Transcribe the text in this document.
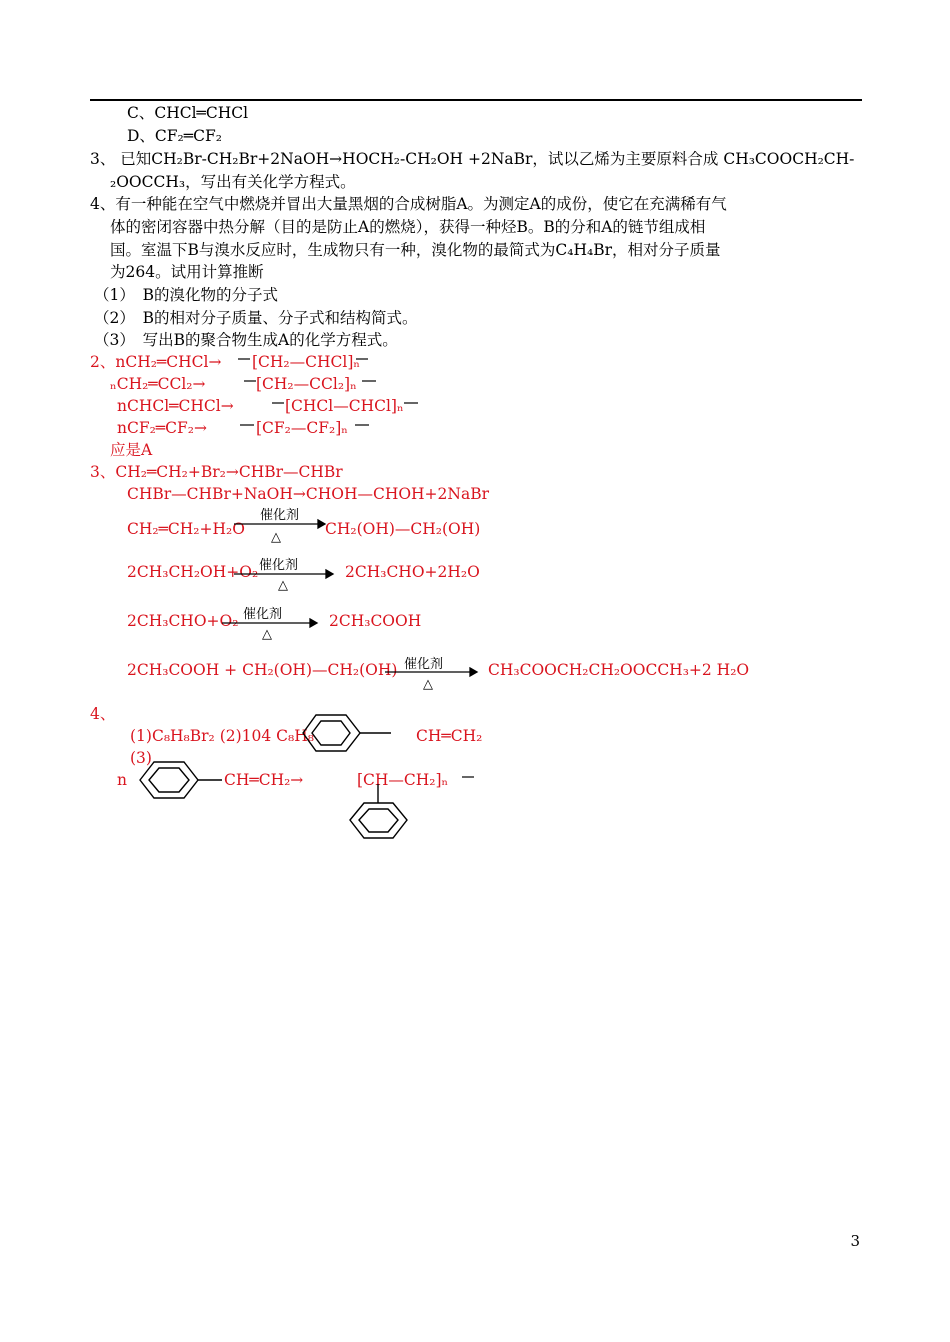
C、CHCl═CHCl
D、CF₂═CF₂
3、 已知CH₂Br-CH₂Br+2NaOH→HOCH₂-CH₂OH +2NaBr，试以乙烯为主要原料合成 CH₃COOCH₂CH-
₂OOCCH₃，写出有关化学方程式。
4、有一种能在空气中燃烧并冒出大量黑烟的合成树脂A。为测定A的成份，使它在充满稀有气
体的密闭容器中热分解（目的是防止A的燃烧），获得一种烃B。B的分和A的链节组成相
国。室温下B与溴水反应时，生成物只有一种，溴化物的最简式为C₄H₄Br，相对分子质量
为264。试用计算推断
（1）　B的溴化物的分子式
（2）　B的相对分子质量、分子式和结构简式。
（3）　写出B的聚合物生成A的化学方程式。
2、nCH₂═CHCl→ [CH₂—CHCl]ₙ
ₙCH₂═CCl₂→	[CH₂—CCl₂]ₙ
nCHCl═CHCl→	[CHCl—CHCl]ₙ
nCF₂═CF₂→	[CF₂—CF₂]ₙ
应是A
3、CH₂═CH₂+Br₂→CHBr—CHBr
CHBr—CHBr+NaOH→CHOH—CHOH+2NaBr
CH₂═CH₂+H₂O
催化剂
△	CH₂(OH)—CH₂(OH)
2CH₃CH₂OH+O₂ 催化剂
△
2CH₃CHO+2H₂O
2CH₃CHO+O₂ 催化剂
△
2CH₃COOH
2CH₃COOH + CH₂(OH)—CH₂(OH) 催化剂
△
CH₃COOCH₂CH₂OOCCH₃+2 H₂O
4、
(1)C₈H₈Br₂ (2)104 C₈H₈	CH═CH₂
(3)
n	CH═CH₂→	[CH—CH₂]ₙ
3
